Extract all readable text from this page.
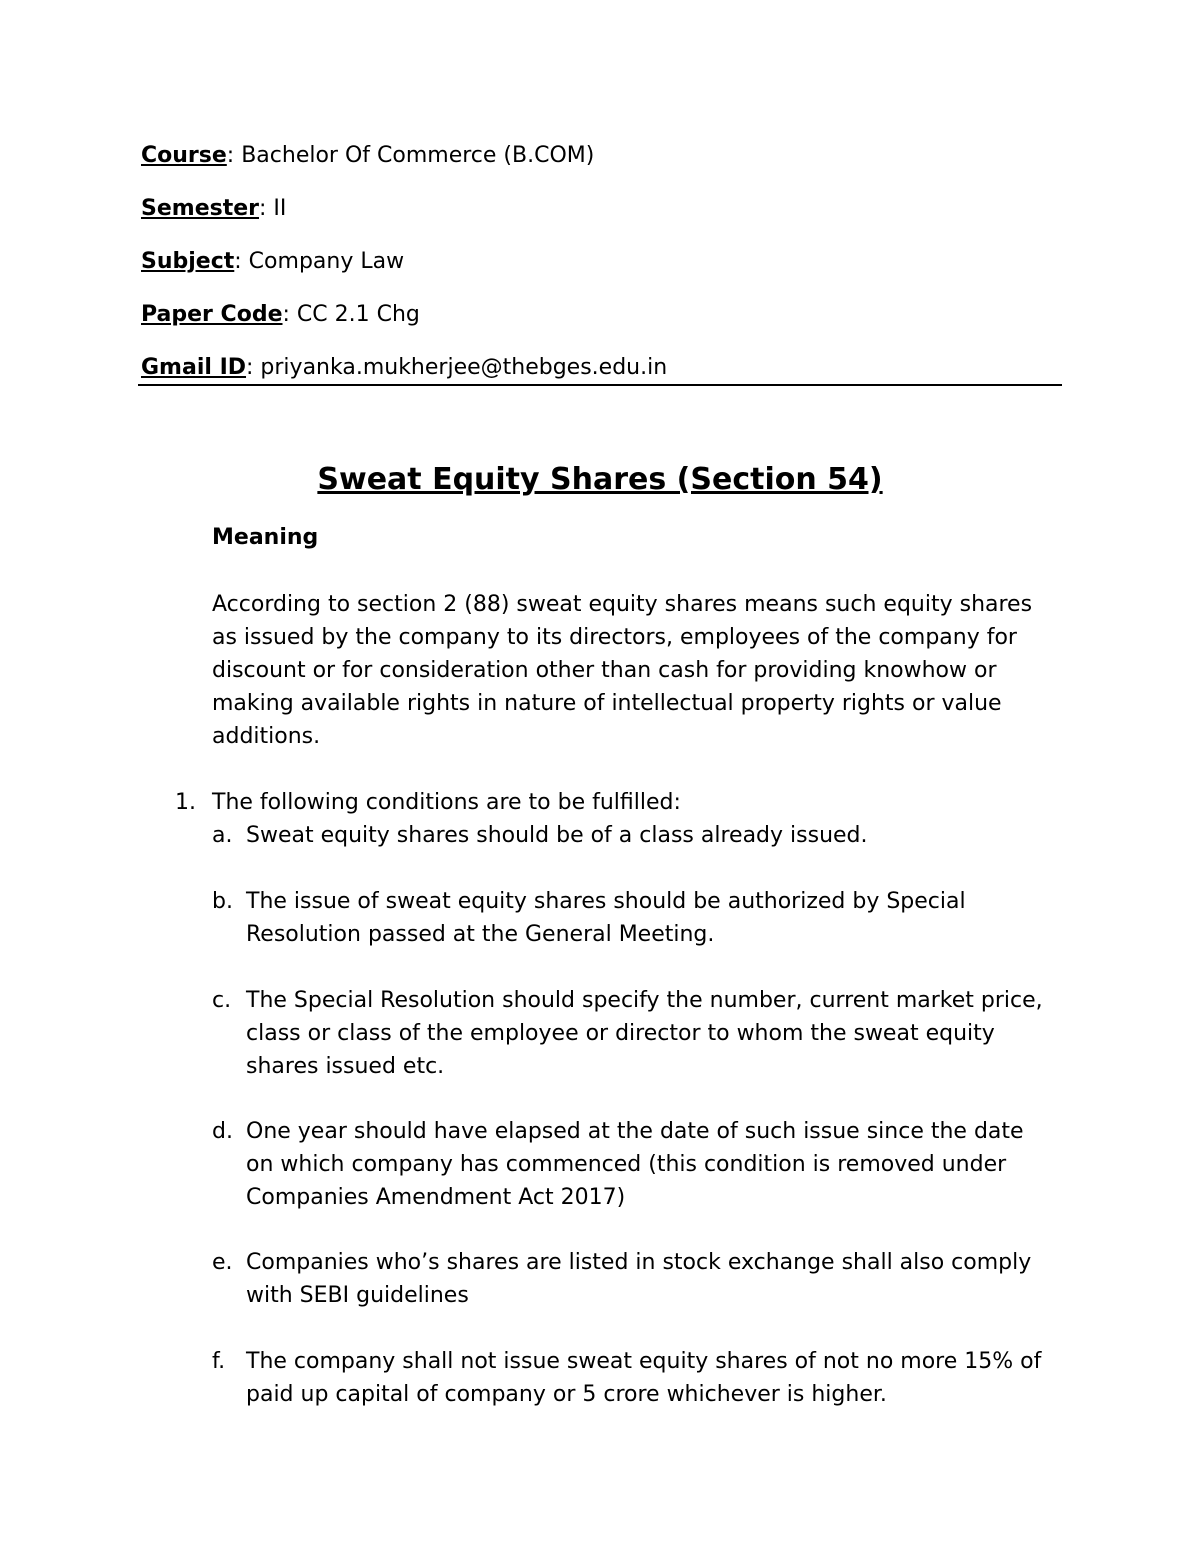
Course: Bachelor Of Commerce (B.COM)
Semester: II
Subject: Company Law
Paper Code: CC 2.1 Chg
Gmail ID: priyanka.mukherjee@thebges.edu.in
Sweat Equity Shares (Section 54)
Meaning

According to section 2 (88) sweat equity shares means such equity shares as issued by the company to its directors, employees of the company for discount or for consideration other than cash for providing knowhow or making available rights in nature of intellectual property rights or value additions.

1. The following conditions are to be fulfilled:
a. Sweat equity shares should be of a class already issued.
b. The issue of sweat equity shares should be authorized by Special Resolution passed at the General Meeting.
c. The Special Resolution should specify the number, current market price, class or class of the employee or director to whom the sweat equity shares issued etc.
d. One year should have elapsed at the date of such issue since the date on which company has commenced (this condition is removed under Companies Amendment Act 2017)
e. Companies who’s shares are listed in stock exchange shall also comply with SEBI guidelines
f. The company shall not issue sweat equity shares of not no more 15% of paid up capital of company or 5 crore whichever is higher.
